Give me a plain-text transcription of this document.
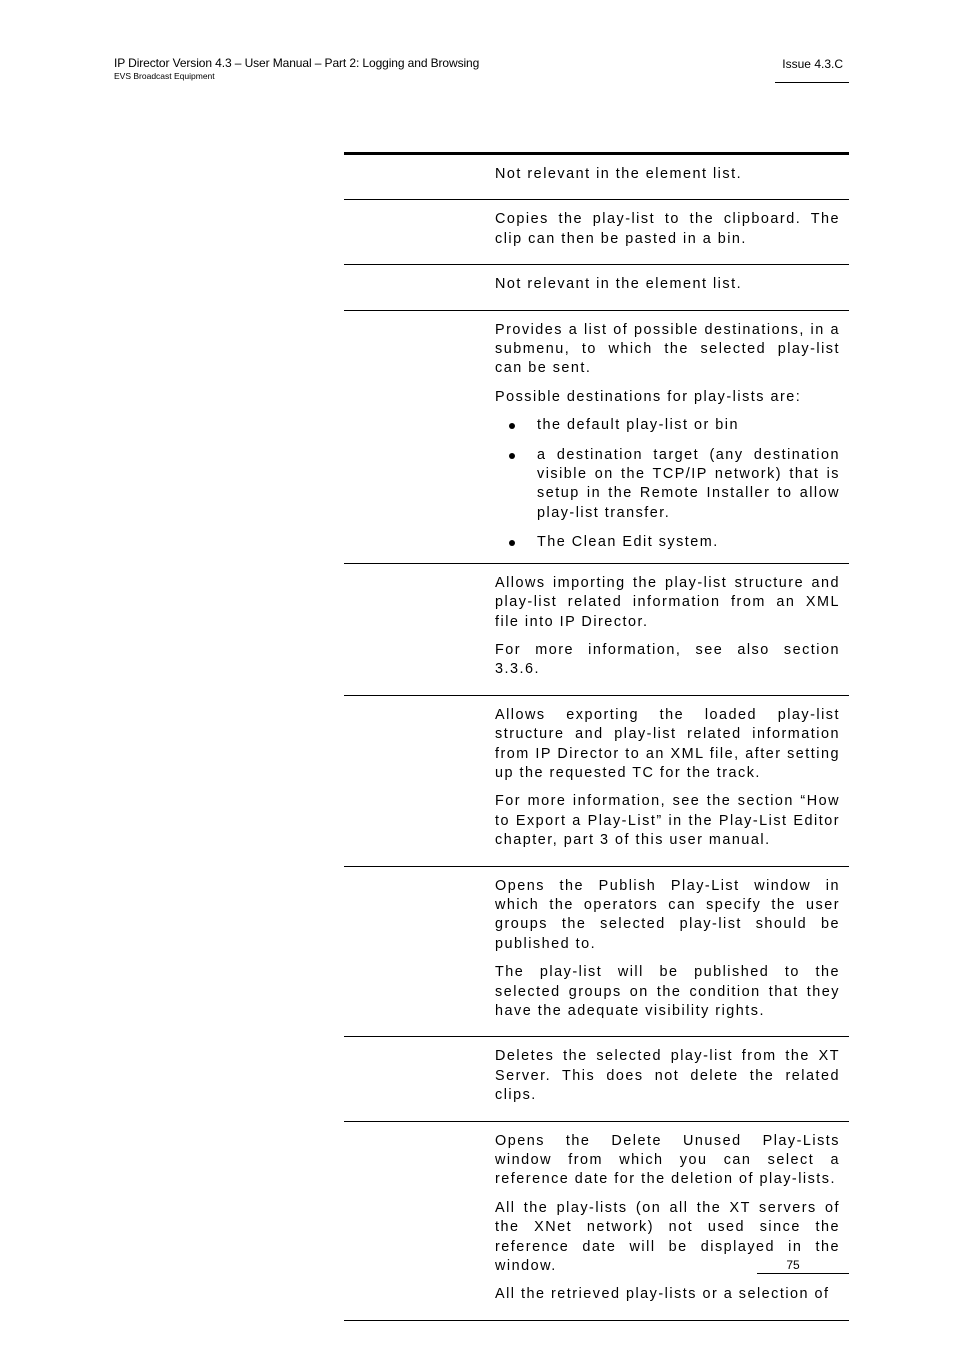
IP Director Version 4.3 – User Manual – Part 2: Logging and Browsing
EVS Broadcast Equipment
Issue 4.3.C

Not relevant in the element list.

Copies the play-list to the clipboard. The clip can then be pasted in a bin.

Not relevant in the element list.

Provides a list of possible destinations, in a submenu, to which the selected play-list can be sent.

Possible destinations for play-lists are:

the default play-list or bin
a destination target (any destination visible on the TCP/IP network) that is setup in the Remote Installer to allow play-list transfer.
The Clean Edit system.

Allows importing the play-list structure and play-list related information from an XML file into IP Director.

For more information, see also section 3.3.6.

Allows exporting the loaded play-list structure and play-list related information from IP Director to an XML file, after setting up the requested TC for the track.

For more information, see the section “How to Export a Play-List” in the Play-List Editor chapter, part 3 of this user manual.

Opens the Publish Play-List window in which the operators can specify the user groups the selected play-list should be published to.

The play-list will be published to the selected groups on the condition that they have the adequate visibility rights.

Deletes the selected play-list from the XT Server. This does not delete the related clips.

Opens the Delete Unused Play-Lists window from which you can select a reference date for the deletion of play-lists.

All the play-lists (on all the XT servers of the XNet network) not used since the reference date will be displayed in the window.

All the retrieved play-lists or a selection of

75
